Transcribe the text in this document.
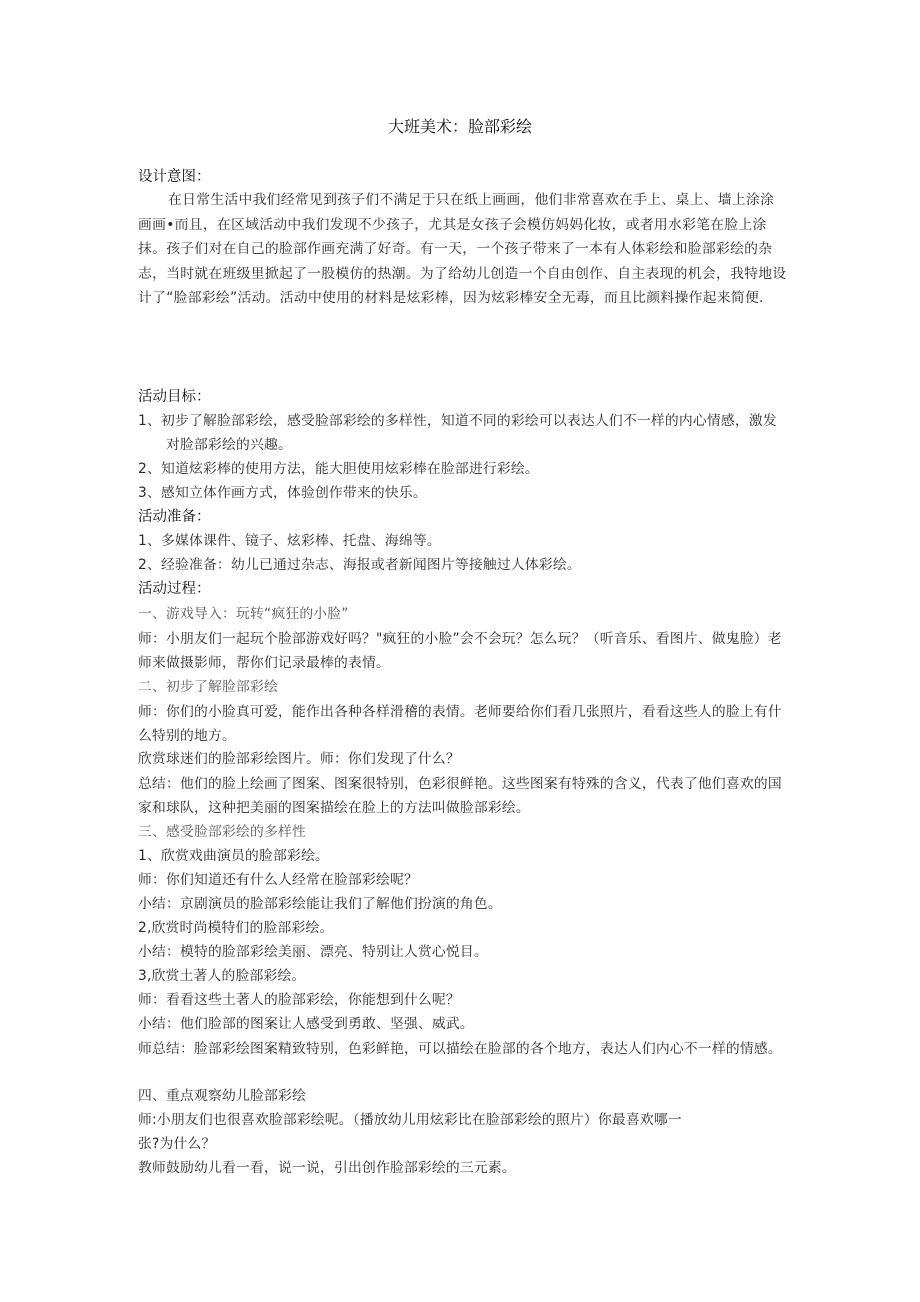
大班美术：脸部彩绘
设计意图：
在日常生活中我们经常见到孩子们不满足于只在纸上画画，他们非常喜欢在手上、桌上、墙上涂涂画画•而且，在区域活动中我们发现不少孩子，尤其是女孩子会模仿妈妈化妆，或者用水彩笔在脸上涂抹。孩子们对在自己的脸部作画充满了好奇。有一天，一个孩子带来了一本有人体彩绘和脸部彩绘的杂志，当时就在班级里掀起了一股模仿的热潮。为了给幼儿创造一个自由创作、自主表现的机会，我特地设计了“脸部彩绘”活动。活动中使用的材料是炫彩棒，因为炫彩棒安全无毒，而且比颜料操作起来简便.
活动目标：
1、初步了解脸部彩绘，感受脸部彩绘的多样性，知道不同的彩绘可以表达人们不一样的内心情感，激发对脸部彩绘的兴趣。
2、知道炫彩棒的使用方法，能大胆使用炫彩棒在脸部进行彩绘。
3、感知立体作画方式，体验创作带来的快乐。
活动准备：
1、多媒体课件、镜子、炫彩棒、托盘、海绵等。
2、经验准备：幼儿已通过杂志、海报或者新闻图片等接触过人体彩绘。
活动过程：
一、游戏导入：玩转“疯狂的小脸”
师：小朋友们一起玩个脸部游戏好吗？"疯狂的小脸”会不会玩？怎么玩？（听音乐、看图片、做鬼脸）老师来做摄影师，帮你们记录最棒的表情。
二、初步了解脸部彩绘
师：你们的小脸真可爱，能作出各种各样滑稽的表情。老师要给你们看几张照片，看看这些人的脸上有什么特别的地方。
欣赏球迷们的脸部彩绘图片。师：你们发现了什么？
总结：他们的脸上绘画了图案、图案很特别，色彩很鲜艳。这些图案有特殊的含义，代表了他们喜欢的国家和球队，这种把美丽的图案描绘在脸上的方法叫做脸部彩绘。
三、感受脸部彩绘的多样性
1、欣赏戏曲演员的脸部彩绘。
师：你们知道还有什么人经常在脸部彩绘呢？
小结：京剧演员的脸部彩绘能让我们了解他们扮演的角色。
2,欣赏时尚模特们的脸部彩绘。
小结：模特的脸部彩绘美丽、漂亮、特别让人赏心悦目。
3,欣赏土著人的脸部彩绘。
师：看看这些土著人的脸部彩绘，你能想到什么呢？
小结：他们脸部的图案让人感受到勇敢、坚强、威武。
师总结：脸部彩绘图案精致特别，色彩鲜艳，可以描绘在脸部的各个地方，表达人们内心不一样的情感。
四、重点观察幼儿脸部彩绘
师:小朋友们也很喜欢脸部彩绘呢。（播放幼儿用炫彩比在脸部彩绘的照片）你最喜欢哪一
张?为什么？
教师鼓励幼儿看一看，说一说，引出创作脸部彩绘的三元素。
